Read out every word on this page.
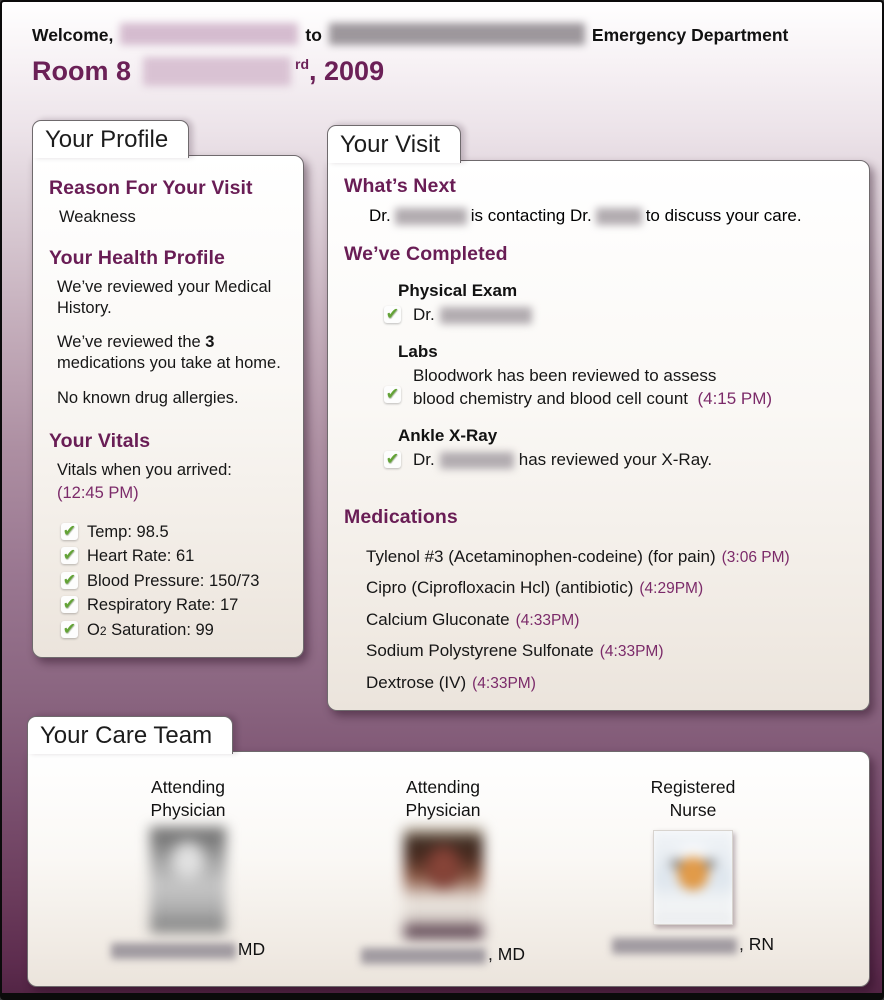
Welcome,	to	Emergency Department
Room 8	$^{rd}$, 2009
Your Profile
Reason For Your Visit
Weakness
Your Health Profile

We’ve reviewed your Medical History.

We’ve reviewed the 3 medications you take at home.

No known drug allergies.

Your Vitals
Vitals when you arrived:
(12:45 PM)
✔ Temp: 98.5
✔ Heart Rate: 61
✔ Blood Pressure: 150/73
✔ Respiratory Rate: 17
✔ O2 Saturation: 99
Your Visit
What’s Next
Dr.	is contacting Dr.	to discuss your care.
We’ve Completed
Physical Exam
✔ Dr.
Labs
✔
Bloodwork has been reviewed to assess
blood chemistry and blood cell count (4:15 PM)
Ankle X-Ray
✔ Dr.	has reviewed your X-Ray.
Medications
Tylenol #3 (Acetaminophen-codeine) (for pain) (3:06 PM)
Cipro (Ciprofloxacin Hcl) (antibiotic) (4:29PM)
Calcium Gluconate (4:33PM)
Sodium Polystyrene Sulfonate (4:33PM)
Dextrose (IV) (4:33PM)
Your Care Team
Attending
Physician
MD
Attending
Physician
, MD
Registered
Nurse
, RN
